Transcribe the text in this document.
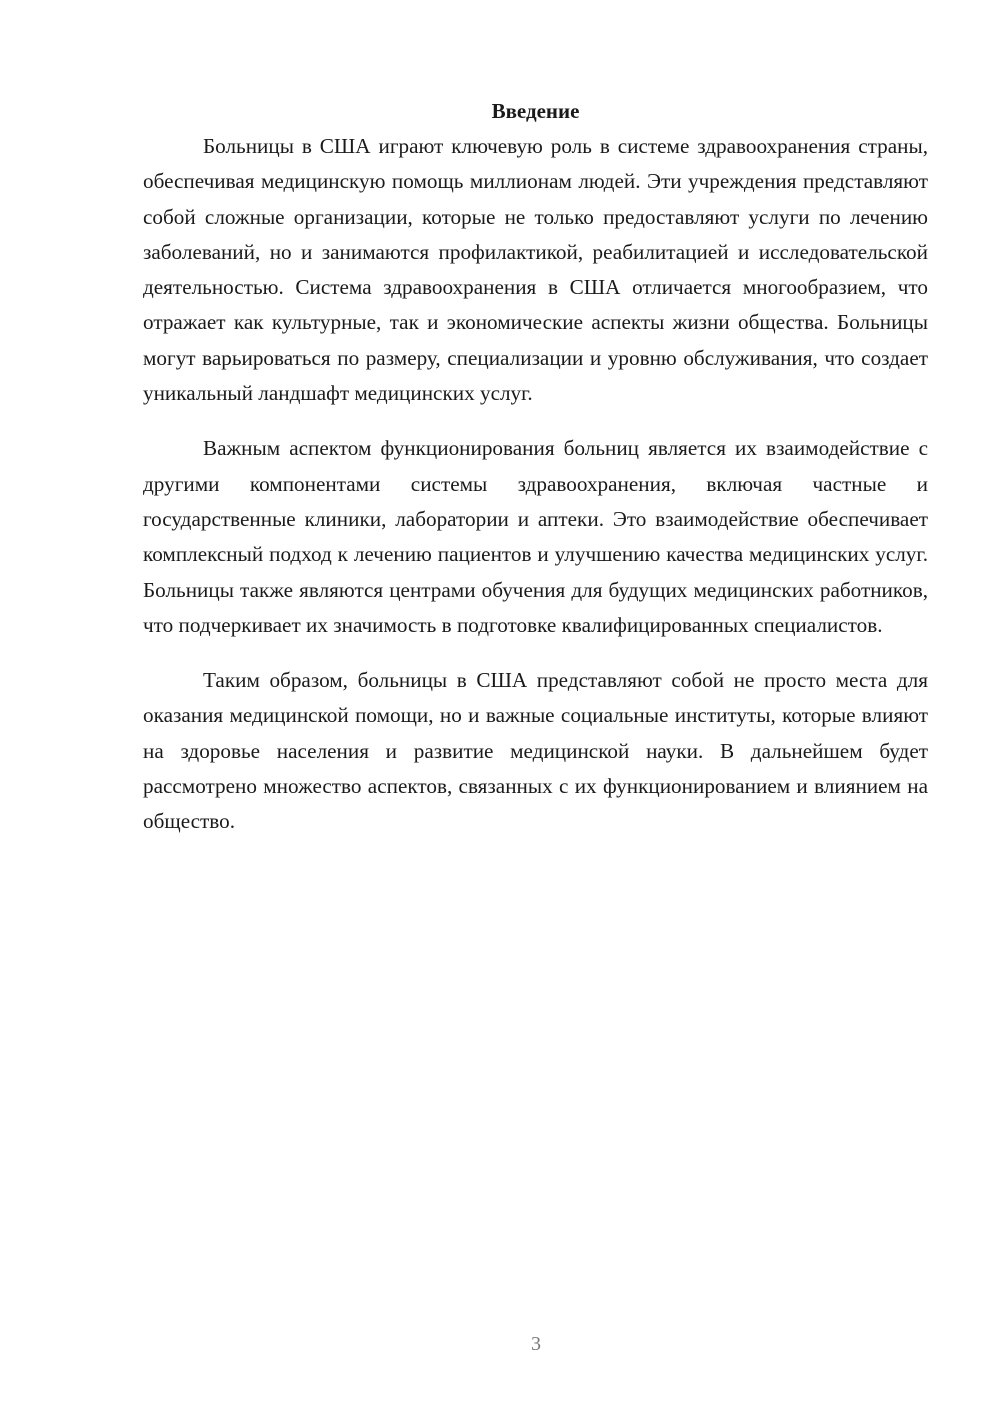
Введение

Больницы в США играют ключевую роль в системе здравоохранения страны, обеспечивая медицинскую помощь миллионам людей. Эти учреждения представляют собой сложные организации, которые не только предоставляют услуги по лечению заболеваний, но и занимаются профилактикой, реабилитацией и исследовательской деятельностью. Система здравоохранения в США отличается многообразием, что отражает как культурные, так и экономические аспекты жизни общества. Больницы могут варьироваться по размеру, специализации и уровню обслуживания, что создает уникальный ландшафт медицинских услуг.

Важным аспектом функционирования больниц является их взаимодействие с другими компонентами системы здравоохранения, включая частные и государственные клиники, лаборатории и аптеки. Это взаимодействие обеспечивает комплексный подход к лечению пациентов и улучшению качества медицинских услуг. Больницы также являются центрами обучения для будущих медицинских работников, что подчеркивает их значимость в подготовке квалифицированных специалистов.

Таким образом, больницы в США представляют собой не просто места для оказания медицинской помощи, но и важные социальные институты, которые влияют на здоровье населения и развитие медицинской науки. В дальнейшем будет рассмотрено множество аспектов, связанных с их функционированием и влиянием на общество.

3
